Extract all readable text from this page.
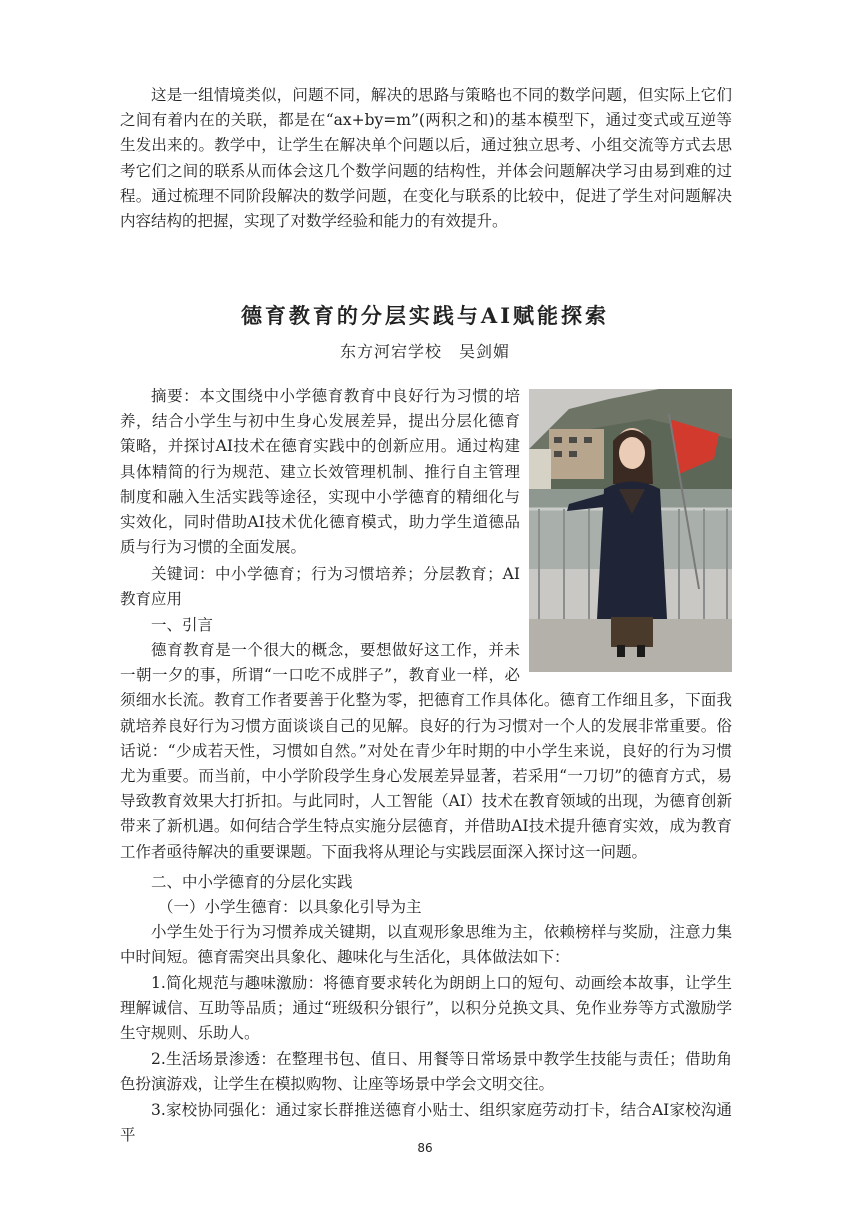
这是一组情境类似，问题不同，解决的思路与策略也不同的数学问题，但实际上它们之间有着内在的关联，都是在“ax+by=m”(两积之和)的基本模型下，通过变式或互逆等生发出来的。教学中，让学生在解决单个问题以后，通过独立思考、小组交流等方式去思考它们之间的联系从而体会这几个数学问题的结构性，并体会问题解决学习由易到难的过程。通过梳理不同阶段解决的数学问题，在变化与联系的比较中，促进了学生对问题解决内容结构的把握，实现了对数学经验和能力的有效提升。

德育教育的分层实践与AI赋能探索

东方河宕学校　吴剑媚

摘要：本文围绕中小学德育教育中良好行为习惯的培养，结合小学生与初中生身心发展差异，提出分层化德育策略，并探讨AI技术在德育实践中的创新应用。通过构建具体精简的行为规范、建立长效管理机制、推行自主管理制度和融入生活实践等途径，实现中小学德育的精细化与实效化，同时借助AI技术优化德育模式，助力学生道德品质与行为习惯的全面发展。

关键词：中小学德育；行为习惯培养；分层教育；AI 教育应用

一、引言

德育教育是一个很大的概念，要想做好这工作，并未一朝一夕的事，所谓“一口吃不成胖子”，教育业一样，必须细水长流。教育工作者要善于化整为零，把德育工作具体化。德育工作细且多，下面我就培养良好行为习惯方面谈谈自己的见解。良好的行为习惯对一个人的发展非常重要。俗话说：“少成若天性，习惯如自然。”对处在青少年时期的中小学生来说，良好的行为习惯尤为重要。而当前，中小学阶段学生身心发展差异显著，若采用“一刀切”的德育方式，易导致教育效果大打折扣。与此同时，人工智能（AI）技术在教育领域的出现，为德育创新带来了新机遇。如何结合学生特点实施分层德育，并借助AI技术提升德育实效，成为教育工作者亟待解决的重要课题。下面我将从理论与实践层面深入探讨这一问题。

二、中小学德育的分层化实践

（一）小学生德育：以具象化引导为主

小学生处于行为习惯养成关键期，以直观形象思维为主，依赖榜样与奖励，注意力集中时间短。德育需突出具象化、趣味化与生活化，具体做法如下：

1.简化规范与趣味激励：将德育要求转化为朗朗上口的短句、动画绘本故事，让学生理解诚信、互助等品质；通过“班级积分银行”，以积分兑换文具、免作业券等方式激励学生守规则、乐助人。

2.生活场景渗透：在整理书包、值日、用餐等日常场景中教学生技能与责任；借助角色扮演游戏，让学生在模拟购物、让座等场景中学会文明交往。

3.家校协同强化：通过家长群推送德育小贴士、组织家庭劳动打卡，结合AI家校沟通平

86
